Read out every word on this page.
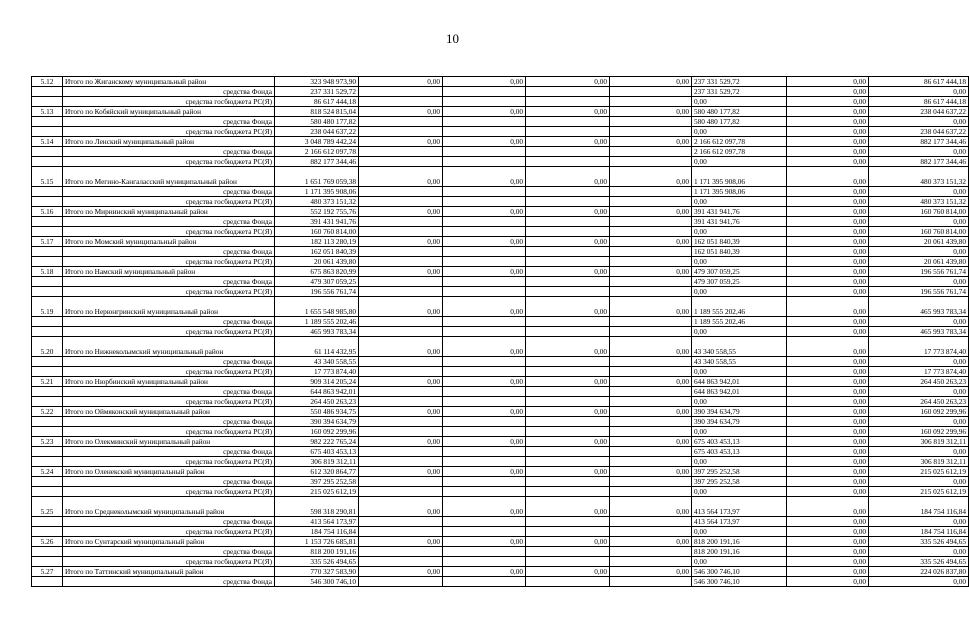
10
5.12	Итого по Жиганскому муниципальный район	323 948 973,90	0,00	0,00	0,00	0,00	237 331 529,72	0,00	86 617 444,18
	средства Фонда	237 331 529,72					237 331 529,72	0,00	0,00
	средства госбюджета РС(Я)	86 617 444,18					0,00	0,00	86 617 444,18
5.13	Итого по Кобяйский муниципальный район	818 524 815,04	0,00	0,00	0,00	0,00	580 480 177,82	0,00	238 044 637,22
	средства Фонда	580 480 177,82					580 480 177,82	0,00	0,00
	средства госбюджета РС(Я)	238 044 637,22					0,00	0,00	238 044 637,22
5.14	Итого по Ленский муниципальный район	3 048 789 442,24	0,00	0,00	0,00	0,00	2 166 612 097,78	0,00	882 177 344,46
	средства Фонда	2 166 612 097,78					2 166 612 097,78	0,00	0,00
	средства госбюджета РС(Я)	882 177 344,46					0,00	0,00	882 177 344,46
5.15	Итого по Мегино-Кангаласский муниципальный район	1 651 769 059,38	0,00	0,00	0,00	0,00	1 171 395 908,06	0,00	480 373 151,32
	средства Фонда	1 171 395 908,06					1 171 395 908,06	0,00	0,00
	средства госбюджета РС(Я)	480 373 151,32					0,00	0,00	480 373 151,32
5.16	Итого по Мирнинский муниципальный район	552 192 755,76	0,00	0,00	0,00	0,00	391 431 941,76	0,00	160 760 814,00
	средства Фонда	391 431 941,76					391 431 941,76	0,00	0,00
	средства госбюджета РС(Я)	160 760 814,00					0,00	0,00	160 760 814,00
5.17	Итого по Момский муниципальный район	182 113 280,19	0,00	0,00	0,00	0,00	162 051 840,39	0,00	20 061 439,80
	средства Фонда	162 051 840,39					162 051 840,39	0,00	0,00
	средства госбюджета РС(Я)	20 061 439,80					0,00	0,00	20 061 439,80
5.18	Итого по Намский муниципальный район	675 863 820,99	0,00	0,00	0,00	0,00	479 307 059,25	0,00	196 556 761,74
	средства Фонда	479 307 059,25					479 307 059,25	0,00	0,00
	средства госбюджета РС(Я)	196 556 761,74					0,00	0,00	196 556 761,74
5.19	Итого по Нерюнгринский муниципальный район	1 655 548 985,80	0,00	0,00	0,00	0,00	1 189 555 202,46	0,00	465 993 783,34
	средства Фонда	1 189 555 202,46					1 189 555 202,46	0,00	0,00
	средства госбюджета РС(Я)	465 993 783,34					0,00	0,00	465 993 783,34
5.20	Итого по Нижнеколымский муниципальный район	61 114 432,95	0,00	0,00	0,00	0,00	43 340 558,55	0,00	17 773 874,40
	средства Фонда	43 340 558,55					43 340 558,55	0,00	0,00
	средства госбюджета РС(Я)	17 773 874,40					0,00	0,00	17 773 874,40
5.21	Итого по Нюрбинский муниципальный район	909 314 205,24	0,00	0,00	0,00	0,00	644 863 942,01	0,00	264 450 263,23
	средства Фонда	644 863 942,01					644 863 942,01	0,00	0,00
	средства госбюджета РС(Я)	264 450 263,23					0,00	0,00	264 450 263,23
5.22	Итого по Оймяконский муниципальный район	550 486 934,75	0,00	0,00	0,00	0,00	390 394 634,79	0,00	160 092 299,96
	средства Фонда	390 394 634,79					390 394 634,79	0,00	0,00
	средства госбюджета РС(Я)	160 092 299,96					0,00	0,00	160 092 299,96
5.23	Итого по Олекминский муниципальный район	982 222 765,24	0,00	0,00	0,00	0,00	675 403 453,13	0,00	306 819 312,11
	средства Фонда	675 403 453,13					675 403 453,13	0,00	0,00
	средства госбюджета РС(Я)	306 819 312,11					0,00	0,00	306 819 312,11
5.24	Итого по Оленекский муниципальный район	612 320 864,77	0,00	0,00	0,00	0,00	397 295 252,58	0,00	215 025 612,19
	средства Фонда	397 295 252,58					397 295 252,58	0,00	0,00
	средства госбюджета РС(Я)	215 025 612,19					0,00	0,00	215 025 612,19
5.25	Итого по Среднеколымский муниципальный район	598 318 290,81	0,00	0,00	0,00	0,00	413 564 173,97	0,00	184 754 116,84
	средства Фонда	413 564 173,97					413 564 173,97	0,00	0,00
	средства госбюджета РС(Я)	184 754 116,84					0,00	0,00	184 754 116,84
5.26	Итого по Сунтарский муниципальный район	1 153 726 685,81	0,00	0,00	0,00	0,00	818 200 191,16	0,00	335 526 494,65
	средства Фонда	818 200 191,16					818 200 191,16	0,00	0,00
	средства госбюджета РС(Я)	335 526 494,65					0,00	0,00	335 526 494,65
5.27	Итого по Таттинский муниципальный район	770 327 583,90	0,00	0,00	0,00	0,00	546 300 746,10	0,00	224 026 837,80
	средства Фонда	546 300 746,10					546 300 746,10	0,00	0,00
